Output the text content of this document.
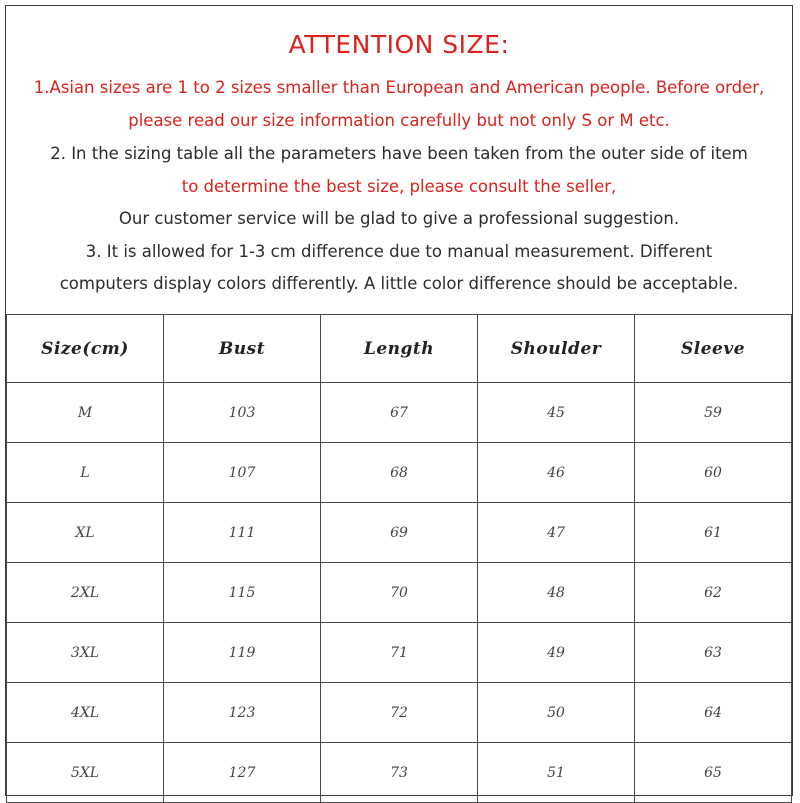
ATTENTION SIZE:
1.Asian sizes are 1 to 2 sizes smaller than European and American people. Before order,
please read our size information carefully but not only S or M etc.
2. In the sizing table all the parameters have been taken from the outer side of item
to determine the best size, please consult the seller,
Our customer service will be glad to give a professional suggestion.
3. It is allowed for 1-3 cm difference due to manual measurement. Different
computers display colors differently. A little color difference should be acceptable.
Size(cm)	Bust	Length	Shoulder	Sleeve
M	103	67	45	59
L	107	68	46	60
XL	111	69	47	61
2XL	115	70	48	62
3XL	119	71	49	63
4XL	123	72	50	64
5XL	127	73	51	65
